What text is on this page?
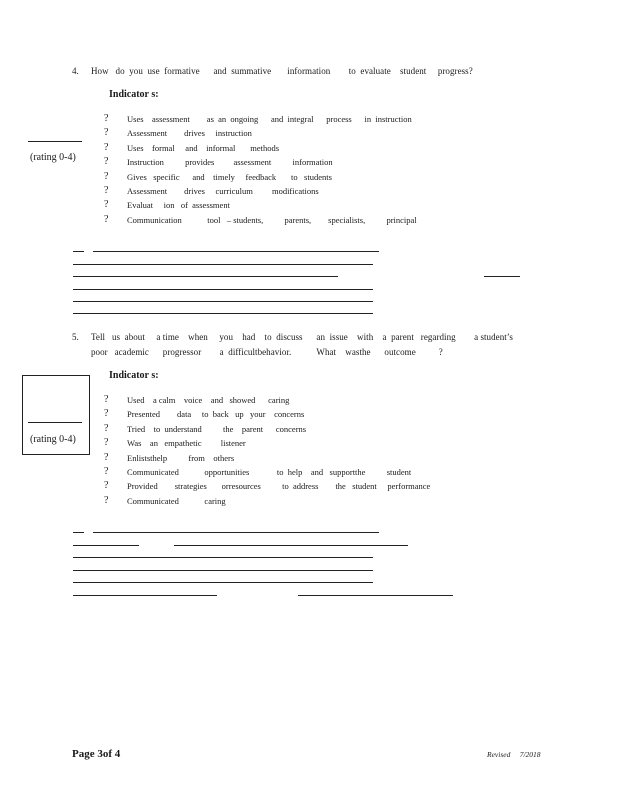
4. How   do  you  use  formative      and  summative       information        to  evaluate    student     progress?
Indicator s:
(rating 0-4)
?	Uses    assessment        as  an  ongoing      and  integral      process      in  instruction
?	Assessment        drives     instruction
?	Uses    formal     and    informal       methods
?	Instruction          provides         assessment          information
?	Gives   specific      and    timely     feedback       to   students
?	Assessment        drives     curriculum         modifications
?	Evaluat     ion   of  assessment
?	Communication            tool   – students,          parents,        specialists,          principal
5. Tell   us  about     a time    when     you    had    to  discuss      an  issue    with    a  parent   regarding        a student’s
poor   academic      progressor        a  difficultbehavior.           What    wasthe      outcome          ?
(rating 0-4)
Indicator s:
?	Used    a calm    voice    and   showed      caring
?	Presented        data     to  back   up   your    concerns
?	Tried    to  understand          the    parent      concerns
?	Was    an   empathetic         listener
?	Enliststhelp          from    others
?	Communicated            opportunities             to  help    and   supportthe          student
?	Provided        strategies       orresources          to  address        the   student     performance
?	Communicated            caring
Page 3of 4	Revised     7/2018
